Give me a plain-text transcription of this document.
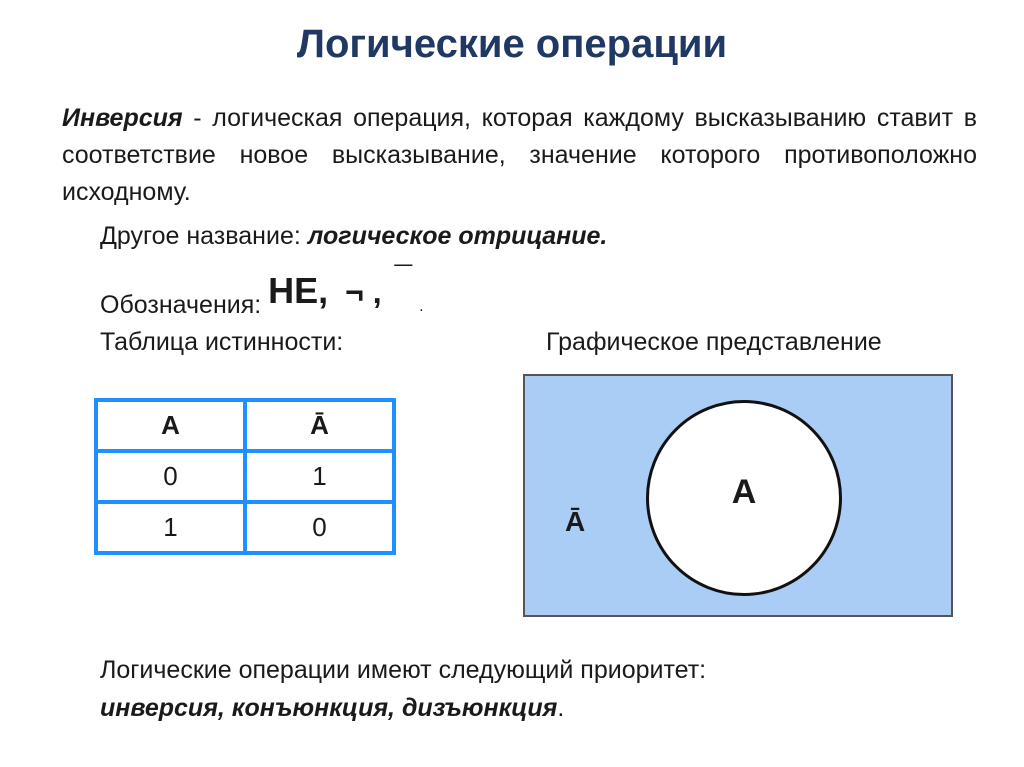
Логические операции
Инверсия - логическая операция, которая каждому высказыванию ставит в соответствие новое высказывание, значение которого противоположно исходному.
Другое название: логическое отрицание.
Обозначения: НЕ, ¬ , ¯ $_.$
Таблица истинности:	Графическое представление
A	Ā
0	1
1	0	Ā
A
Логические операции имеют следующий приоритет:
инверсия, конъюнкция, дизъюнкция.
